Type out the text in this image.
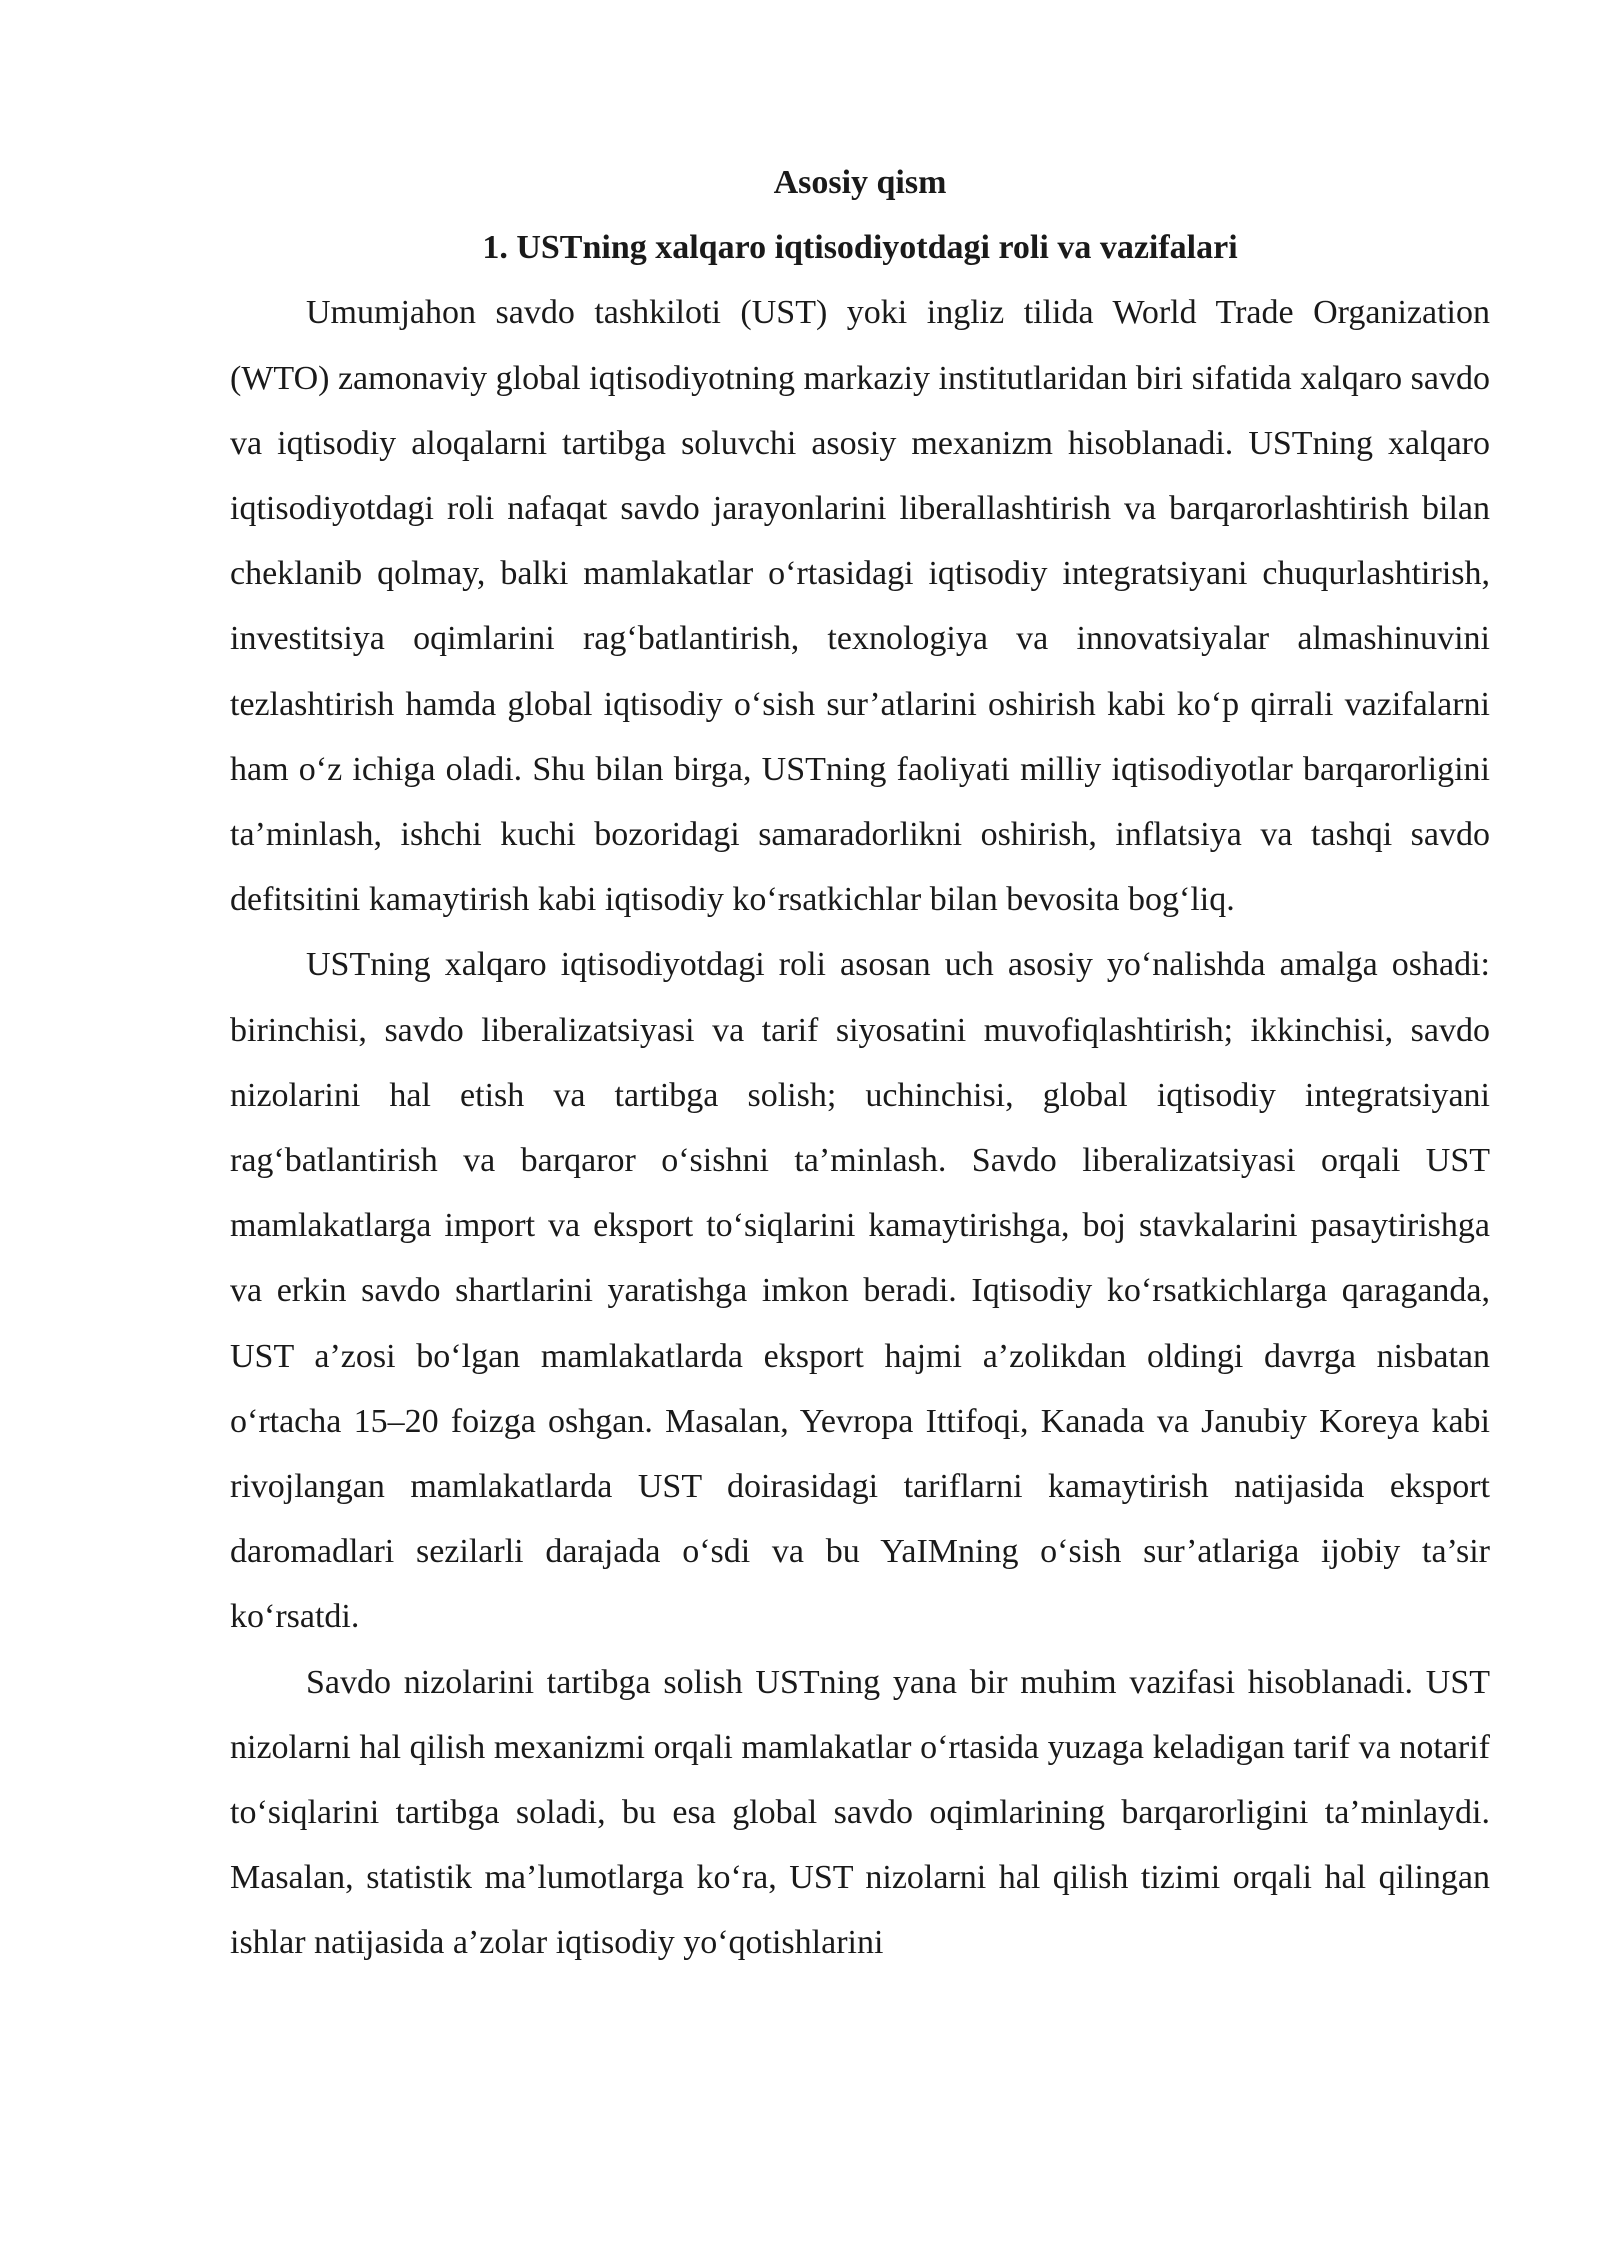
Asosiy qism
1. USTning xalqaro iqtisodiyotdagi roli va vazifalari

Umumjahon savdo tashkiloti (UST) yoki ingliz tilida World Trade Organization (WTO) zamonaviy global iqtisodiyotning markaziy institutlaridan biri sifatida xalqaro savdo va iqtisodiy aloqalarni tartibga soluvchi asosiy mexanizm hisoblanadi. USTning xalqaro iqtisodiyotdagi roli nafaqat savdo jarayonlarini liberallashtirish va barqarorlashtirish bilan cheklanib qolmay, balki mamlakatlar o‘rtasidagi iqtisodiy integratsiyani chuqurlashtirish, investitsiya oqimlarini rag‘batlantirish, texnologiya va innovatsiyalar almashinuvini tezlashtirish hamda global iqtisodiy o‘sish sur’atlarini oshirish kabi ko‘p qirrali vazifalarni ham o‘z ichiga oladi. Shu bilan birga, USTning faoliyati milliy iqtisodiyotlar barqarorligini ta’minlash, ishchi kuchi bozoridagi samaradorlikni oshirish, inflatsiya va tashqi savdo defitsitini kamaytirish kabi iqtisodiy ko‘rsatkichlar bilan bevosita bog‘liq.

USTning xalqaro iqtisodiyotdagi roli asosan uch asosiy yo‘nalishda amalga oshadi: birinchisi, savdo liberalizatsiyasi va tarif siyosatini muvofiqlashtirish; ikkinchisi, savdo nizolarini hal etish va tartibga solish; uchinchisi, global iqtisodiy integratsiyani rag‘batlantirish va barqaror o‘sishni ta’minlash. Savdo liberalizatsiyasi orqali UST mamlakatlarga import va eksport to‘siqlarini kamaytirishga, boj stavkalarini pasaytirishga va erkin savdo shartlarini yaratishga imkon beradi. Iqtisodiy ko‘rsatkichlarga qaraganda, UST a’zosi bo‘lgan mamlakatlarda eksport hajmi a’zolikdan oldingi davrga nisbatan o‘rtacha 15–20 foizga oshgan. Masalan, Yevropa Ittifoqi, Kanada va Janubiy Koreya kabi rivojlangan mamlakatlarda UST doirasidagi tariflarni kamaytirish natijasida eksport daromadlari sezilarli darajada o‘sdi va bu YaIMning o‘sish sur’atlariga ijobiy ta’sir ko‘rsatdi.

Savdo nizolarini tartibga solish USTning yana bir muhim vazifasi hisoblanadi. UST nizolarni hal qilish mexanizmi orqali mamlakatlar o‘rtasida yuzaga keladigan tarif va notarif to‘siqlarini tartibga soladi, bu esa global savdo oqimlarining barqarorligini ta’minlaydi. Masalan, statistik ma’lumotlarga ko‘ra, UST nizolarni hal qilish tizimi orqali hal qilingan ishlar natijasida a’zolar iqtisodiy yo‘qotishlarini
